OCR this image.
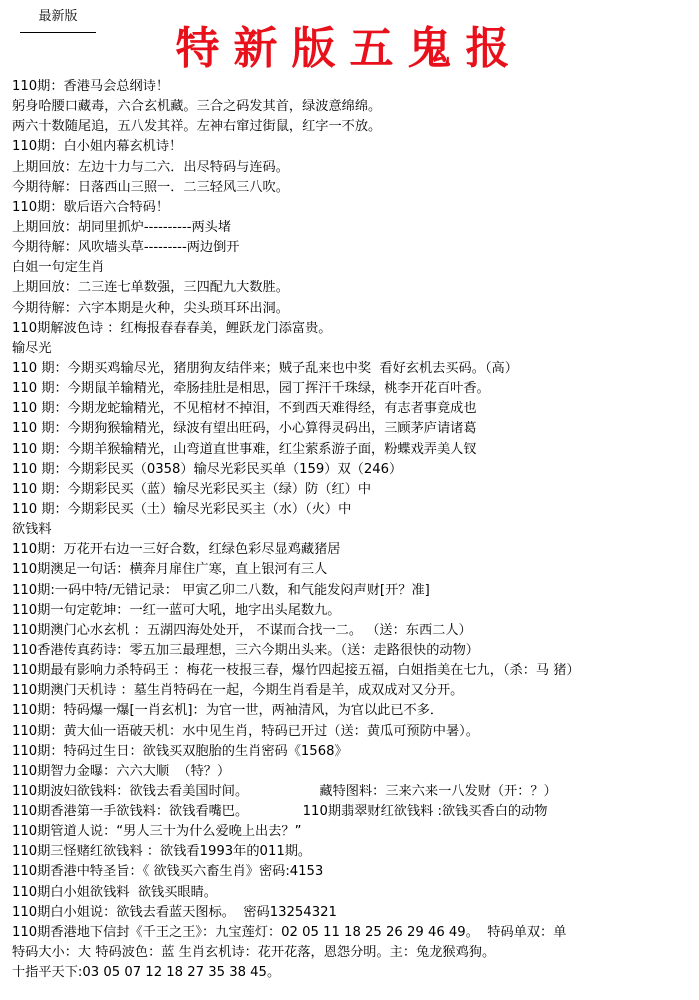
最新版
特新版五鬼报
110期：香港马会总纲诗！
躬身哈腰口藏毒，六合玄机藏。三合之码发其首，绿波意绵绵。
两六十数随尾追，五八发其祥。左神右窜过街鼠，红字一不放。
110期：白小姐内幕玄机诗！
上期回放：左边十力与二六．出尽特码与连码。
今期待解：日落西山三照一．二三轻风三八吹。
110期：歇后语六合特码！
上期回放：胡同里抓炉----------两头堵
今期待解：风吹墙头草---------两边倒开
白姐一句定生肖
上期回放：二三连七单数强，三四配九大数胜。
今期待解：六字本期是火种，尖头琐耳环出洞。
110期解波色诗 ：红梅报春春春美，鲤跃龙门添富贵。
输尽光
110 期：今期买鸡输尽光，猪朋狗友结伴来；贼子乱来也中奖  看好玄机去买码。（高）
110 期：今期鼠羊输精光，牵肠挂肚是相思，园丁挥汗千珠绿，桃李开花百叶香。
110 期：今期龙蛇输精光，不见棺材不掉泪，不到西天难得经，有志者事竟成也
110 期：今期狗猴输精光，绿波有望出旺码，小心算得灵码出，三顾茅庐请诸葛
110 期：今期羊猴输精光，山弯道直世事难，红尘萦系游子面，粉蝶戏弄美人钗
110 期：今期彩民买（0358）输尽光彩民买单（159）双（246）
110 期：今期彩民买（蓝）输尽光彩民买主（绿）防（红）中
110 期：今期彩民买（土）输尽光彩民买主（水）（火）中
欲钱料
110期：万花开右边一三好合数，红绿色彩尽显鸡藏猪居
110期澳足一句话：横奔月扉住广寒，直上银河有三人
110期:一码中特/无错记录： 甲寅乙卯二八数，和气能发闷声财[开？准]
110期一句定乾坤：一红一蓝可大吼，地字出头尾数九。
110期澳门心水玄机 ：五湖四海处处开， 不谋而合找一二。 （送：东西二人）
110香港传真药诗：零五加三最理想，三六今期出头来。（送：走路很快的动物）
110期最有影响力杀特码王 ：梅花一枝报三春，爆竹四起接五福，白姐指美在七九，（杀：马 猪）
110期澳门天机诗 ：墓生肖特码在一起，今期生肖看是羊，成双成对又分开。
110期：特码爆一爆[一肖玄机]：为官一世，两袖清风，为官以此已不多．
110期：黄大仙一语破天机：水中见生肖，特码已开过（送：黄瓜可预防中暑）。
110期：特码过生日：欲钱买双胞胎的生肖密码《1568》
110期智力金曝：六六大顺  （特？）
110期波妇欲钱料：欲钱去看美国时间。                 藏特图料：三来六来一八发财（开：？）
110期香港第一手欲钱料：欲钱看嘴巴。             110期翡翠财红欲钱料 :欲钱买香白的动物
110期管道人说：“男人三十为什么爱晚上出去？”
110期三怪赌红欲钱料 ：欲钱看1993年的011期。
110期香港中特圣旨：《 欲钱买六畜生肖》密码:4153
110期白小姐欲钱料  欲钱买眼睛。
110期白小姐说：欲钱去看蓝天图标。  密码13254321
110期香港地下信封《千王之王》：九宝莲灯：02 05 11 18 25 26 29 46 49。  特码单双：单
特码大小：大 特码波色：蓝 生肖玄机诗：花开花落，恩怨分明。主：兔龙猴鸡狗。
十指平天下:03 05 07 12 18 27 35 38 45。
